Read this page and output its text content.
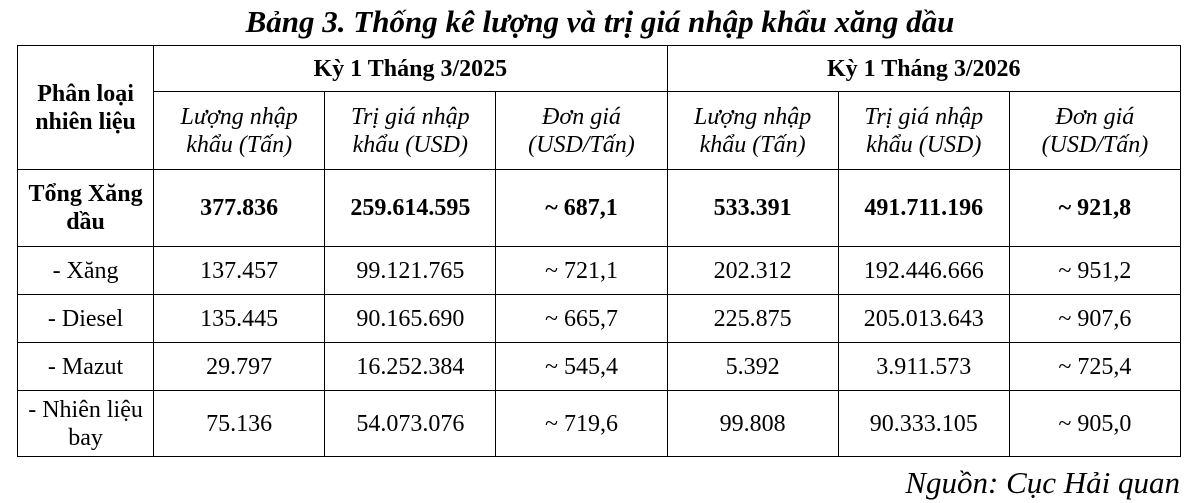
Bảng 3. Thống kê lượng và trị giá nhập khẩu xăng dầu
Phân loại nhiên liệu	Kỳ 1 Tháng 3/2025			Kỳ 1 Tháng 3/2026		
	Lượng nhập khẩu (Tấn)	Trị giá nhập khẩu (USD)	Đơn giá (USD/Tấn)	Lượng nhập khẩu (Tấn)	Trị giá nhập khẩu (USD)	Đơn giá (USD/Tấn)
Tổng Xăng dầu	377.836	259.614.595	~ 687,1	533.391	491.711.196	~ 921,8
- Xăng	137.457	99.121.765	~ 721,1	202.312	192.446.666	~ 951,2
- Diesel	135.445	90.165.690	~ 665,7	225.875	205.013.643	~ 907,6
- Mazut	29.797	16.252.384	~ 545,4	5.392	3.911.573	~ 725,4
- Nhiên liệu bay	75.136	54.073.076	~ 719,6	99.808	90.333.105	~ 905,0
Nguồn: Cục Hải quan
